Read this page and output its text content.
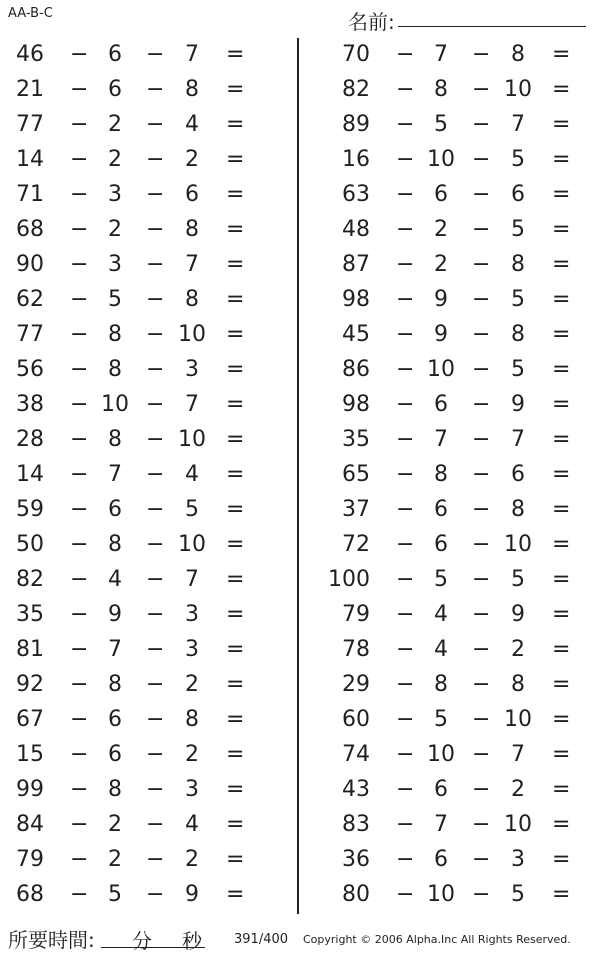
AA-B-C	名前:	.
46 − 6	− 7	=
21 − 6	− 8	=
77 − 2	− 4	=
14 − 2	− 2	=
71 − 3	− 6	=
68 − 2	− 8	=
90 − 3	− 7	=
62 − 5	− 8	=
77 − 8	− 10 =
56 − 8	− 3	=
38 − 10 − 7	=
28 − 8	− 10 =
14 − 7	− 4	=
59 − 6	− 5	=
50 − 8	− 10 =
82 − 4	− 7	=
35 − 9	− 3	=
81 − 7	− 3	=
92 − 8	− 2	=
67 − 6	− 8	=
15 − 6	− 2	=
99 − 8	− 3	=
84 − 2	− 4	=
79 − 2	− 2	=
68 − 5	− 9	=
70 − 7	− 8	=
82 − 8	− 10 =
89 − 5	− 7	=
16 − 10 − 5	=
63 − 6	− 6	=
48 − 2	− 5	=
87 − 2	− 8	=
98 − 9	− 5	=
45 − 9	− 8	=
86 − 10 − 5	=
98 − 6	− 9	=
35 − 7	− 7	=
65 − 8	− 6	=
37 − 6	− 8	=
72 − 6	− 10 =
100 − 5	− 5	=
79 − 4	− 9	=
78 − 4	− 2	=
29 − 8	− 8	=
60 − 5	− 10 =
74 − 10 − 7	=
43 − 6	− 2	=
83 − 7	− 10 =
36 − 6	− 3	=
80 − 10 − 5	=
所要時間: 分 秒 391/400 Copyright © 2006 Alpha.Inc All Rights Reserved.
